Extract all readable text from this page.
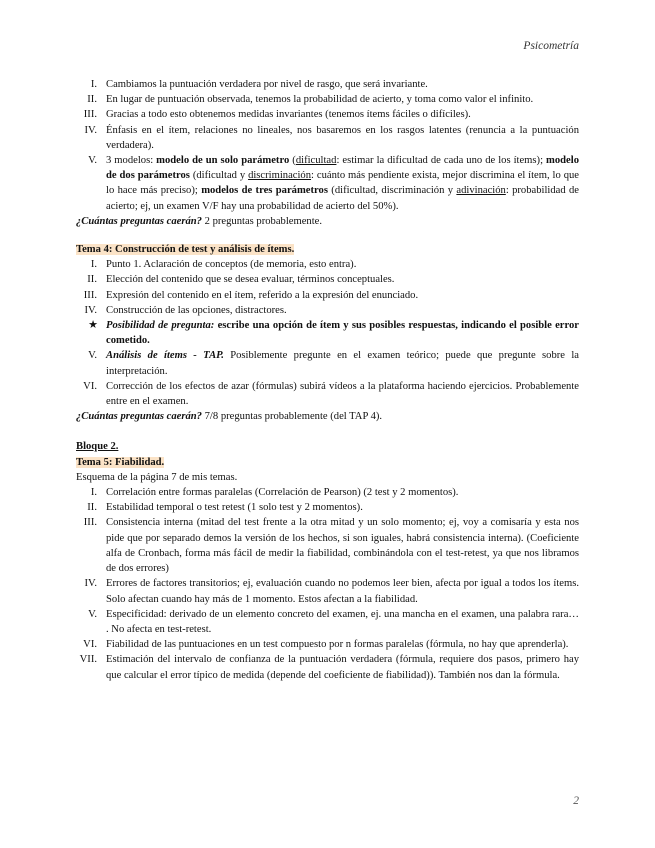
Psicometría
I. Cambiamos la puntuación verdadera por nivel de rasgo, que será invariante.
II. En lugar de puntuación observada, tenemos la probabilidad de acierto, y toma como valor el infinito.
III. Gracias a todo esto obtenemos medidas invariantes (tenemos ítems fáciles o difíciles).
IV. Énfasis en el ítem, relaciones no lineales, nos basaremos en los rasgos latentes (renuncia a la puntuación verdadera).
V. 3 modelos: modelo de un solo parámetro (dificultad: estimar la dificultad de cada uno de los ítems); modelo de dos parámetros (dificultad y discriminación: cuánto más pendiente exista, mejor discrimina el ítem, lo que lo hace más preciso); modelos de tres parámetros (dificultad, discriminación y adivinación: probabilidad de acierto; ej, un examen V/F hay una probabilidad de acierto del 50%).

¿Cuántas preguntas caerán? 2 preguntas probablemente.

Tema 4: Construcción de test y análisis de ítems.

I. Punto 1. Aclaración de conceptos (de memoria, esto entra).
II. Elección del contenido que se desea evaluar, términos conceptuales.
III. Expresión del contenido en el ítem, referido a la expresión del enunciado.
IV. Construcción de las opciones, distractores.
★ Posibilidad de pregunta: escribe una opción de ítem y sus posibles respuestas, indicando el posible error cometido.
V. Análisis de ítems - TAP. Posiblemente pregunte en el examen teórico; puede que pregunte sobre la interpretación.
VI. Corrección de los efectos de azar (fórmulas) subirá vídeos a la plataforma haciendo ejercicios. Probablemente entre en el examen.

¿Cuántas preguntas caerán? 7/8 preguntas probablemente (del TAP 4).

Bloque 2.

Tema 5: Fiabilidad.

Esquema de la página 7 de mis temas.

I. Correlación entre formas paralelas (Correlación de Pearson) (2 test y 2 momentos).
II. Estabilidad temporal o test retest (1 solo test y 2 momentos).
III. Consistencia interna (mitad del test frente a la otra mitad y un solo momento; ej, voy a comisaría y esta nos pide que por separado demos la versión de los hechos, si son iguales, habrá consistencia interna). (Coeficiente alfa de Cronbach, forma más fácil de medir la fiabilidad, combinándola con el test-retest, ya que nos libramos de dos errores)
IV. Errores de factores transitorios; ej, evaluación cuando no podemos leer bien, afecta por igual a todos los ítems. Solo afectan cuando hay más de 1 momento. Estos afectan a la fiabilidad.
V. Especificidad: derivado de un elemento concreto del examen, ej. una mancha en el examen, una palabra rara… . No afecta en test-retest.
VI. Fiabilidad de las puntuaciones en un test compuesto por n formas paralelas (fórmula, no hay que aprenderla).
VII. Estimación del intervalo de confianza de la puntuación verdadera (fórmula, requiere dos pasos, primero hay que calcular el error típico de medida (depende del coeficiente de fiabilidad)). También nos dan la fórmula.
2
